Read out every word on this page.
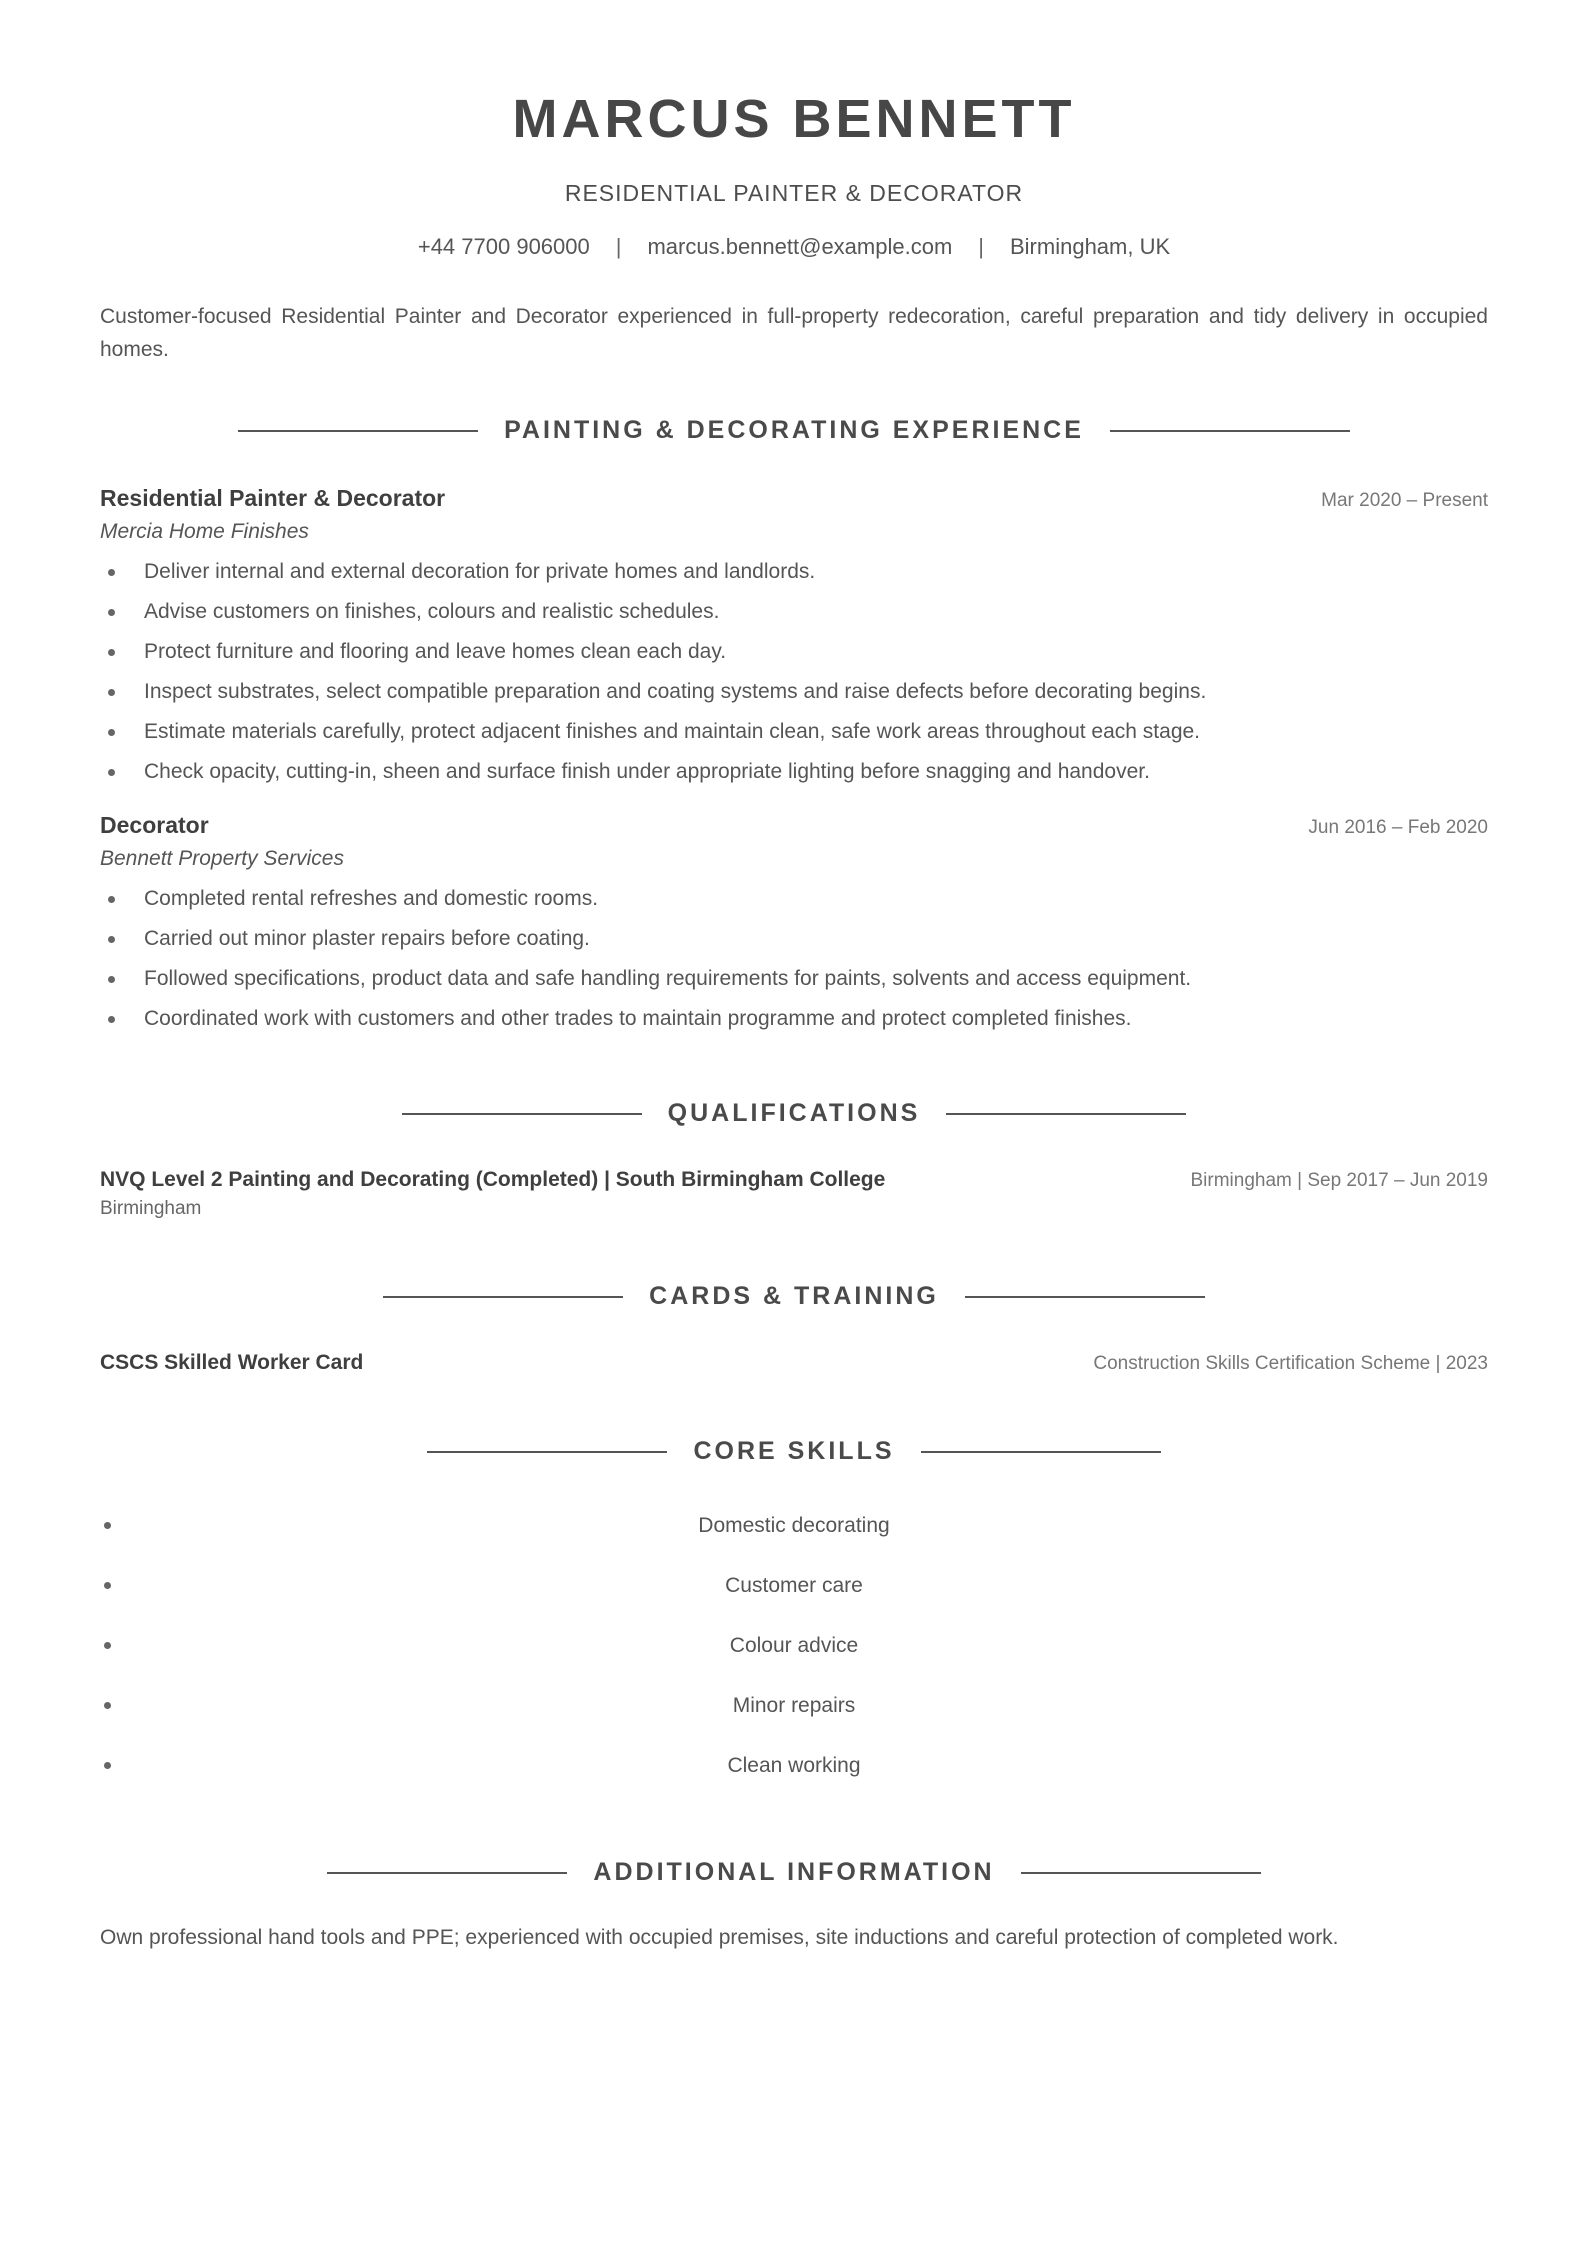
MARCUS BENNETT
RESIDENTIAL PAINTER & DECORATOR
+44 7700 906000 | marcus.bennett@example.com | Birmingham, UK
Customer-focused Residential Painter and Decorator experienced in full-property redecoration, careful preparation and tidy delivery in occupied homes.
PAINTING & DECORATING EXPERIENCE
Residential Painter & Decorator	Mar 2020 – Present
Mercia Home Finishes
Deliver internal and external decoration for private homes and landlords.
Advise customers on finishes, colours and realistic schedules.
Protect furniture and flooring and leave homes clean each day.
Inspect substrates, select compatible preparation and coating systems and raise defects before decorating begins.
Estimate materials carefully, protect adjacent finishes and maintain clean, safe work areas throughout each stage.
Check opacity, cutting-in, sheen and surface finish under appropriate lighting before snagging and handover.
Decorator	Jun 2016 – Feb 2020
Bennett Property Services
Completed rental refreshes and domestic rooms.
Carried out minor plaster repairs before coating.
Followed specifications, product data and safe handling requirements for paints, solvents and access equipment.
Coordinated work with customers and other trades to maintain programme and protect completed finishes.
QUALIFICATIONS
NVQ Level 2 Painting and Decorating (Completed) | South Birmingham College	Birmingham | Sep 2017 – Jun 2019
Birmingham
CARDS & TRAINING
CSCS Skilled Worker Card	Construction Skills Certification Scheme | 2023
CORE SKILLS
Domestic decorating
Customer care
Colour advice
Minor repairs
Clean working
ADDITIONAL INFORMATION
Own professional hand tools and PPE; experienced with occupied premises, site inductions and careful protection of completed work.
